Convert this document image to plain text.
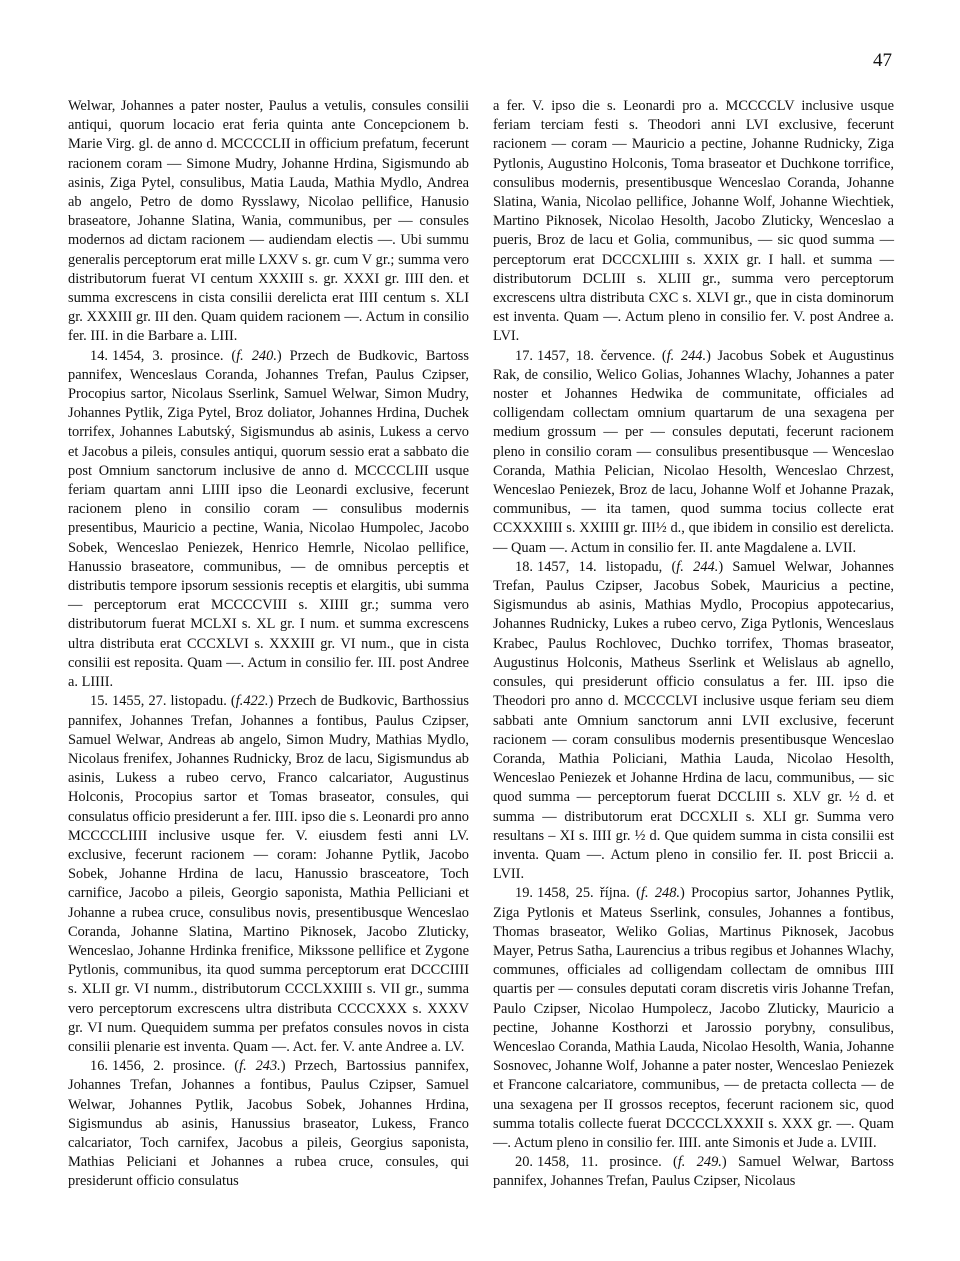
47

Welwar, Johannes a pater noster, Paulus a vetulis, consules consilii antiqui, quorum locacio erat feria quinta ante Concepcionem b. Marie Virg. gl. de anno d. MCCCCLII in officium prefatum, fecerunt racionem coram — Simone Mudry, Johanne Hrdina, Sigismundo ab asinis, Ziga Pytel, consulibus, Matia Lauda, Mathia Mydlo, Andrea ab angelo, Petro de domo Rysslawy, Nicolao pellifice, Hanusio braseatore, Johanne Slatina, Wania, communibus, per — consules modernos ad dictam racionem — audiendam electis —. Ubi summu generalis perceptorum erat mille LXXV s. gr. cum V gr.; summa vero distributorum fuerat VI centum XXXIII s. gr. XXXI gr. IIII den. et summa excrescens in cista consilii derelicta erat IIII centum s. XLI gr. XXXIII gr. III den. Quam quidem racionem —. Actum in consilio fer. III. in die Barbare a. LIII.

14. 1454, 3. prosince. (f. 240.) Przech de Budkovic, Bartoss pannifex, Wenceslaus Coranda, Johannes Trefan, Paulus Czipser, Procopius sartor, Nicolaus Sserlink, Samuel Welwar, Simon Mudry, Johannes Pytlik, Ziga Pytel, Broz doliator, Johannes Hrdina, Duchek torrifex, Johannes Labutský, Sigismundus ab asinis, Lukess a cervo et Jacobus a pileis, consules antiqui, quorum sessio erat a sabbato die post Omnium sanctorum inclusive de anno d. MCCCCLIII usque feriam quartam anni LIIII ipso die Leonardi exclusive, fecerunt racionem pleno in consilio coram — consulibus modernis presentibus, Mauricio a pectine, Wania, Nicolao Humpolec, Jacobo Sobek, Wenceslao Peniezek, Henrico Hemrle, Nicolao pellifice, Hanussio braseatore, communibus, — de omnibus perceptis et distributis tempore ipsorum sessionis receptis et elargitis, ubi summa — perceptorum erat MCCCCVIII s. XIIII gr.; summa vero distributorum fuerat MCLXI s. XL gr. I num. et summa excrescens ultra distributa erat CCCXLVI s. XXXIII gr. VI num., que in cista consilii est reposita. Quam —. Actum in consilio fer. III. post Andree a. LIIII.

15. 1455, 27. listopadu. (f.422.) Przech de Budkovic, Barthossius pannifex, Johannes Trefan, Johannes a fontibus, Paulus Czipser, Samuel Welwar, Andreas ab angelo, Simon Mudry, Mathias Mydlo, Nicolaus frenifex, Johannes Rudnicky, Broz de lacu, Sigismundus ab asinis, Lukess a rubeo cervo, Franco calcariator, Augustinus Holconis, Procopius sartor et Tomas braseator, consules, qui consulatus officio presiderunt a fer. IIII. ipso die s. Leonardi pro anno MCCCCLIIII inclusive usque fer. V. eiusdem festi anni LV. exclusive, fecerunt racionem — coram: Johanne Pytlik, Jacobo Sobek, Johanne Hrdina de lacu, Hanussio brasceatore, Toch carnifice, Jacobo a pileis, Georgio saponista, Mathia Pelliciani et Johanne a rubea cruce, consulibus novis, presentibusque Wenceslao Coranda, Johanne Slatina, Martino Piknosek, Jacobo Zluticky, Wenceslao, Johanne Hrdinka frenifice, Mikssone pellifice et Zygone Pytlonis, communibus, ita quod summa perceptorum erat DCCCIIII s. XLII gr. VI numm., distributorum CCCLXXIIII s. VII gr., summa vero perceptorum excrescens ultra distributa CCCCXXX s. XXXV gr. VI num. Quequidem summa per prefatos consules novos in cista consilii plenarie est inventa. Quam —. Act. fer. V. ante Andree a. LV.

16. 1456, 2. prosince. (f. 243.) Przech, Bartossius pannifex, Johannes Trefan, Johannes a fontibus, Paulus Czipser, Samuel Welwar, Johannes Pytlik, Jacobus Sobek, Johannes Hrdina, Sigismundus ab asinis, Hanussius braseator, Lukess, Franco calcariator, Toch carnifex, Jacobus a pileis, Georgius saponista, Mathias Peliciani et Johannes a rubea cruce, consules, qui presiderunt officio consulatus

a fer. V. ipso die s. Leonardi pro a. MCCCCLV inclusive usque feriam terciam festi s. Theodori anni LVI exclusive, fecerunt racionem — coram — Mauricio a pectine, Johanne Rudnicky, Ziga Pytlonis, Augustino Holconis, Toma braseator et Duchkone torrifice, consulibus modernis, presentibusque Wenceslao Coranda, Johanne Slatina, Wania, Nicolao pellifice, Johanne Wolf, Johanne Wiechtiek, Martino Piknosek, Nicolao Hesolth, Jacobo Zluticky, Wenceslao a pueris, Broz de lacu et Golia, communibus, — sic quod summa — perceptorum erat DCCCXLIIII s. XXIX gr. I hall. et summa — distributorum DCLIII s. XLIII gr., summa vero perceptorum excrescens ultra distributa CXC s. XLVI gr., que in cista dominorum est inventa. Quam —. Actum pleno in consilio fer. V. post Andree a. LVI.

17. 1457, 18. července. (f. 244.) Jacobus Sobek et Augustinus Rak, de consilio, Welico Golias, Johannes Wlachy, Johannes a pater noster et Johannes Hedwika de communitate, officiales ad colligendam collectam omnium quartarum de una sexagena per medium grossum — per — consules deputati, fecerunt racionem pleno in consilio coram — consulibus presentibusque — Wenceslao Coranda, Mathia Pelician, Nicolao Hesolth, Wenceslao Chrzest, Wenceslao Peniezek, Broz de lacu, Johanne Wolf et Johanne Prazak, communibus, — ita tamen, quod summa tocius collecte erat CCXXXIIII s. XXIIII gr. III½ d., que ibidem in consilio est derelicta. — Quam —. Actum in consilio fer. II. ante Magdalene a. LVII.

18. 1457, 14. listopadu, (f. 244.) Samuel Welwar, Johannes Trefan, Paulus Czipser, Jacobus Sobek, Mauricius a pectine, Sigismundus ab asinis, Mathias Mydlo, Procopius appotecarius, Johannes Rudnicky, Lukes a rubeo cervo, Ziga Pytlonis, Wenceslaus Krabec, Paulus Rochlovec, Duchko torrifex, Thomas braseator, Augustinus Holconis, Matheus Sserlink et Welislaus ab agnello, consules, qui presiderunt officio consulatus a fer. III. ipso die Theodori pro anno d. MCCCCLVI inclusive usque feriam seu diem sabbati ante Omnium sanctorum anni LVII exclusive, fecerunt racionem — coram consulibus modernis presentibusque Wenceslao Coranda, Mathia Policiani, Mathia Lauda, Nicolao Hesolth, Wenceslao Peniezek et Johanne Hrdina de lacu, communibus, — sic quod summa — perceptorum fuerat DCCLIII s. XLV gr. ½ d. et summa — distributorum erat DCCXLII s. XLI gr. Summa vero resultans – XI s. IIII gr. ½ d. Que quidem summa in cista consilii est inventa. Quam —. Actum pleno in consilio fer. II. post Briccii a. LVII.

19. 1458, 25. října. (f. 248.) Procopius sartor, Johannes Pytlik, Ziga Pytlonis et Mateus Sserlink, consules, Johannes a fontibus, Thomas braseator, Weliko Golias, Martinus Piknosek, Jacobus Mayer, Petrus Satha, Laurencius a tribus regibus et Johannes Wlachy, communes, officiales ad colligendam collectam de omnibus IIII quartis per — consules deputati coram discretis viris Johanne Trefan, Paulo Czipser, Nicolao Humpolecz, Jacobo Zluticky, Mauricio a pectine, Johanne Kosthorzi et Jarossio porybny, consulibus, Wenceslao Coranda, Mathia Lauda, Nicolao Hesolth, Wania, Johanne Sosnovec, Johanne Wolf, Johanne a pater noster, Wenceslao Peniezek et Francone calcariatore, communibus, — de pretacta collecta — de una sexagena per II grossos receptos, fecerunt racionem sic, quod summa totalis collecte fuerat DCCCCLXXXII s. XXX gr. —. Quam —. Actum pleno in consilio fer. IIII. ante Simonis et Jude a. LVIII.

20. 1458, 11. prosince. (f. 249.) Samuel Welwar, Bartoss pannifex, Johannes Trefan, Paulus Czipser, Nicolaus
